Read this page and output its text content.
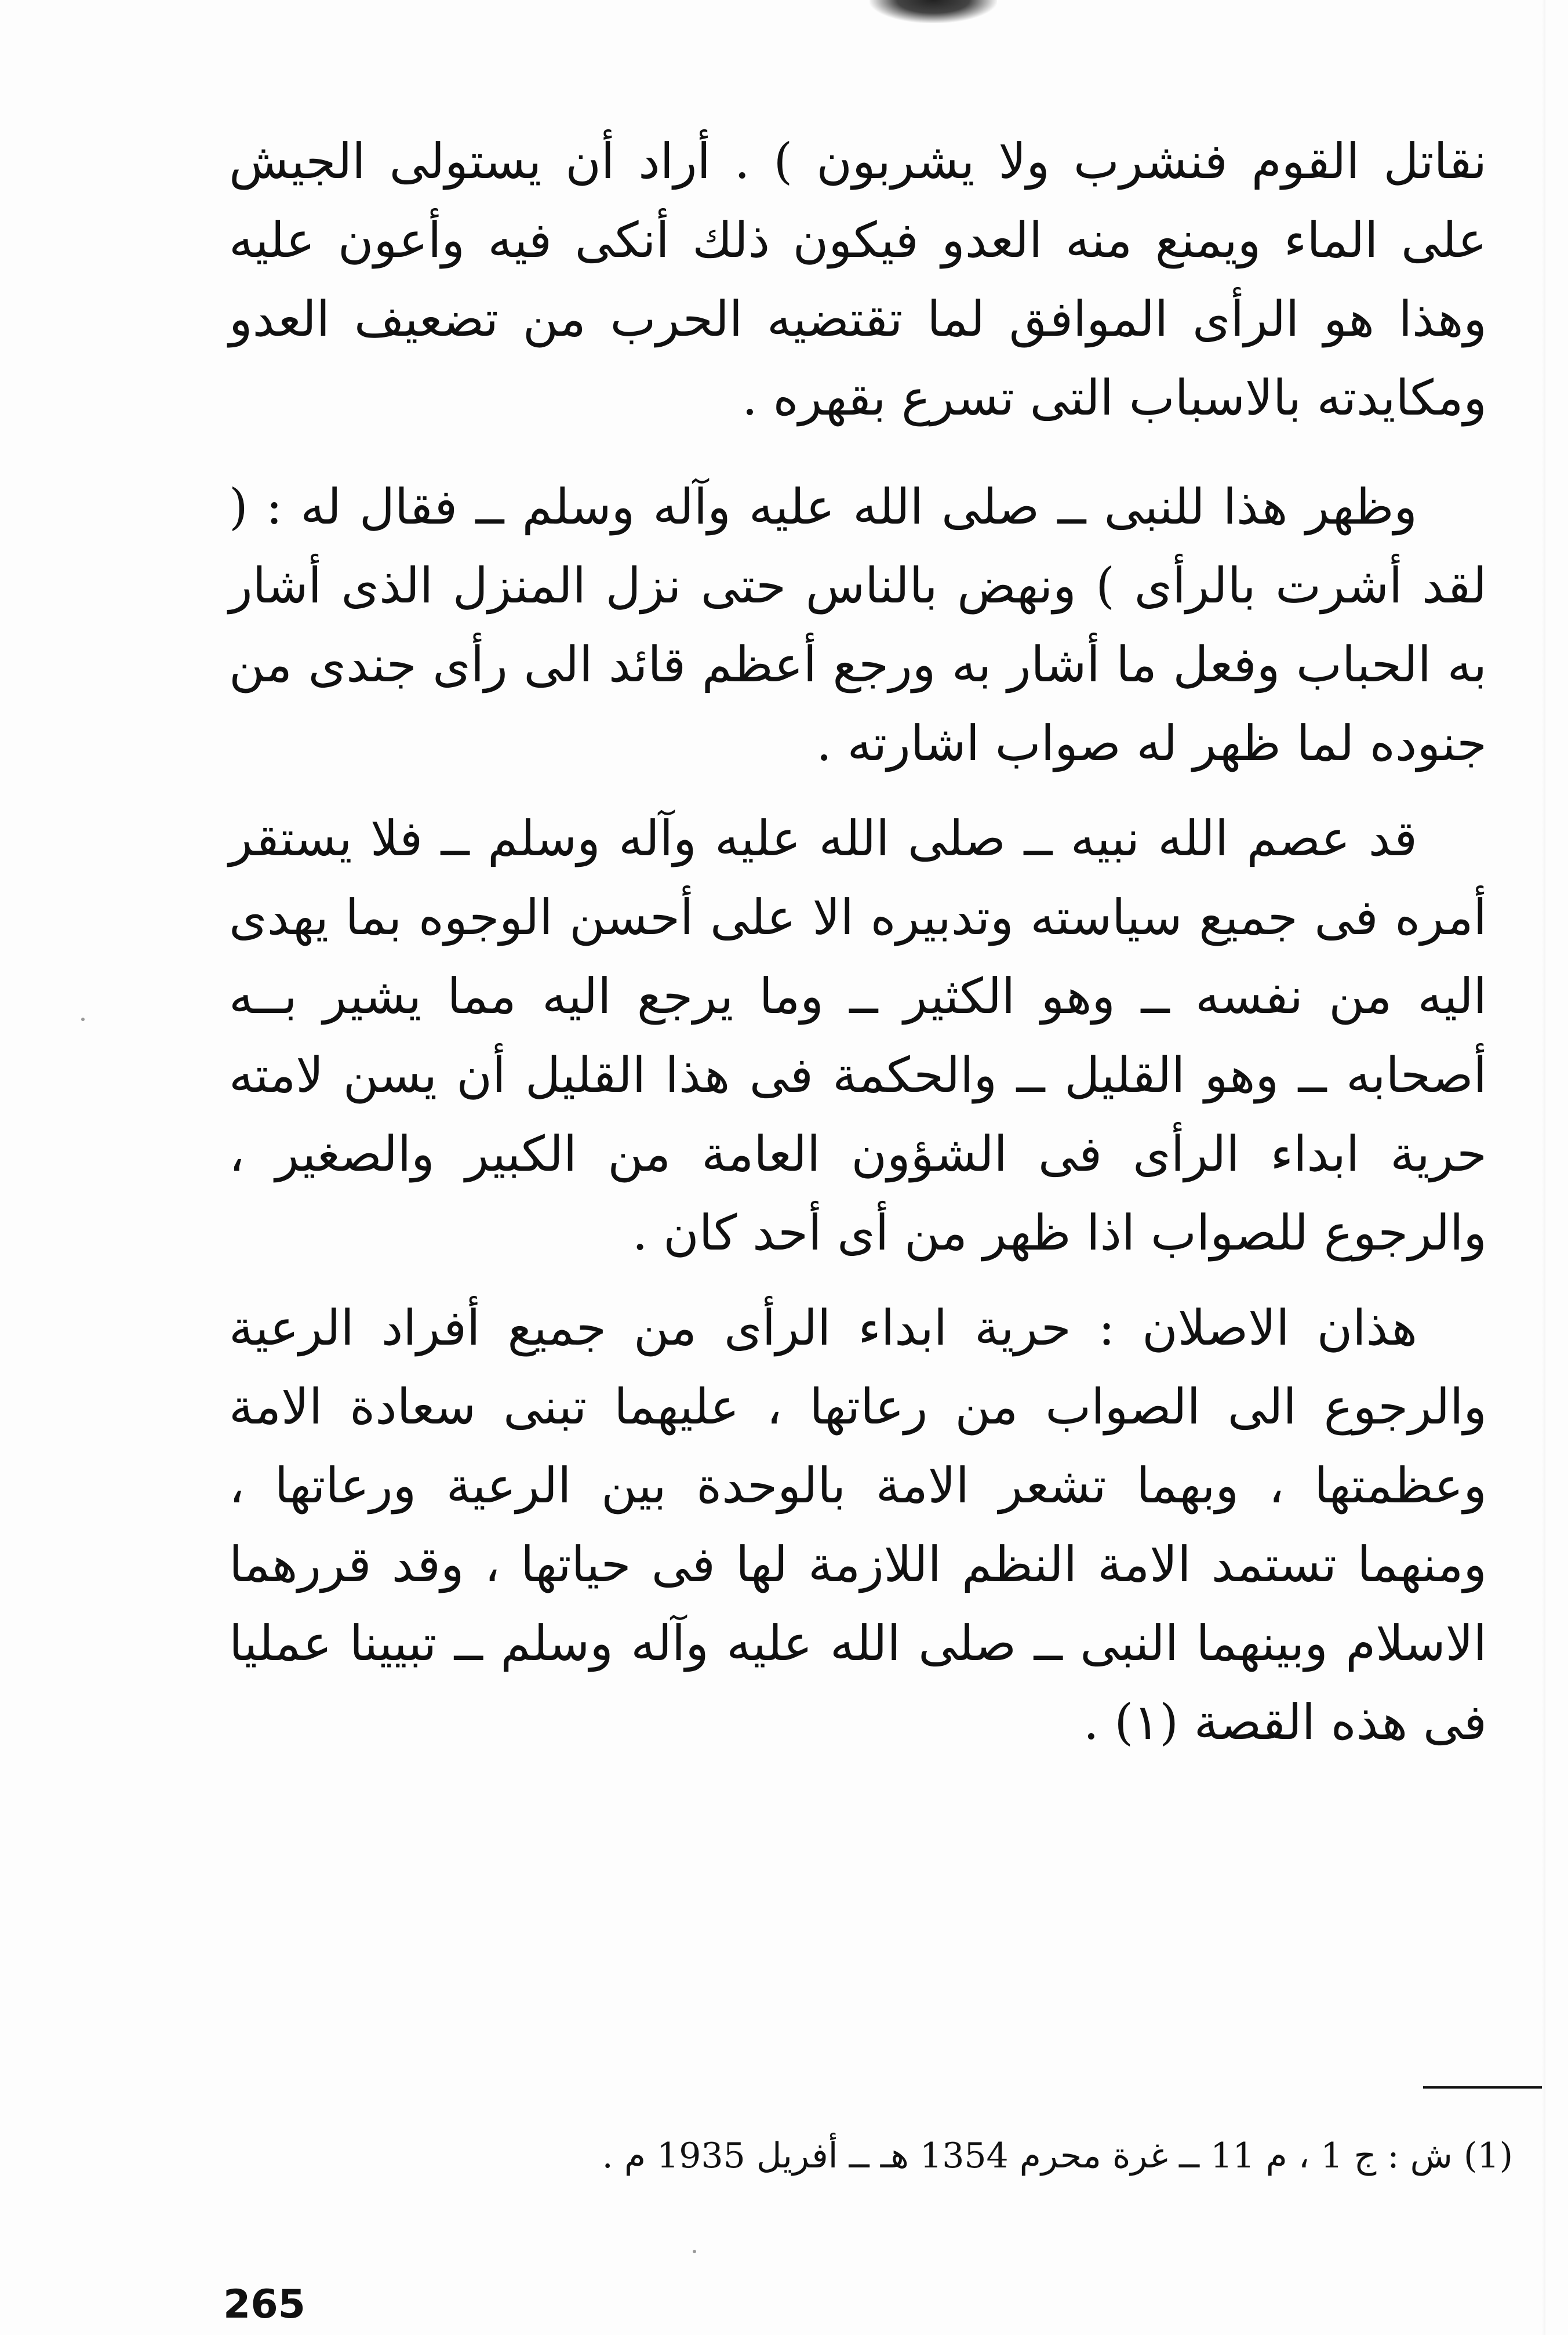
نقاتل القوم فنشرب ولا يشربون ) . أراد أن يستولى الجيش على الماء ويمنع منه العدو فيكون ذلك أنكى فيه وأعون عليه وهذا هو الرأى الموافق لما تقتضيه الحرب من تضعيف العدو ومكايدته بالاسباب التى تسرع بقهره .

وظهر هذا للنبى ــ صلى الله عليه وآله وسلم ــ فقال له : ( لقد أشرت بالرأى ) ونهض بالناس حتى نزل المنزل الذى أشار به الحباب وفعل ما أشار به ورجع أعظم قائد الى رأى جندى من جنوده لما ظهر له صواب اشارته .

قد عصم الله نبيه ــ صلى الله عليه وآله وسلم ــ فلا يستقر أمره فى جميع سياسته وتدبيره الا على أحسن الوجوه بما يهدى اليه من نفسه ــ وهو الكثير ــ وما يرجع اليه مما يشير بــه أصحابه ــ وهو القليل ــ والحكمة فى هذا القليل أن يسن لامته حرية ابداء الرأى فى الشؤون العامة من الكبير والصغير ، والرجوع للصواب اذا ظهر من أى أحد كان .

هذان الاصلان : حرية ابداء الرأى من جميع أفراد الرعية والرجوع الى الصواب من رعاتها ، عليهما تبنى سعادة الامة وعظمتها ، وبهما تشعر الامة بالوحدة بين الرعية ورعاتها ، ومنهما تستمد الامة النظم اللازمة لها فى حياتها ، وقد قررهما الاسلام وبينهما النبى ــ صلى الله عليه وآله وسلم ــ تبيينا عمليا فى هذه القصة (١) .

(1) ش : ج 1 ، م 11 ــ غرة محرم 1354 هـ ــ أفريل 1935 م .

265
